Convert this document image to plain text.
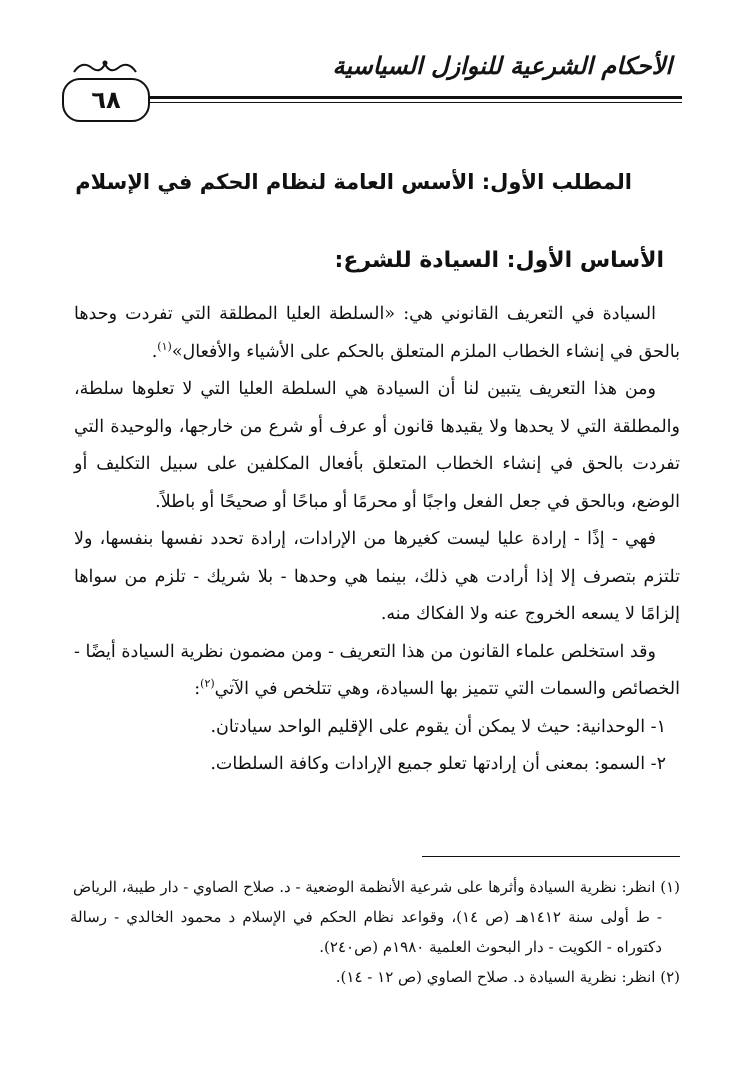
الأحكام الشرعية للنوازل السياسية
٦٨
المطلب الأول: الأسس العامة لنظام الحكم في الإسلام
الأساس الأول: السيادة للشرع:

السيادة في التعريف القانوني هي: «السلطة العليا المطلقة التي تفردت وحدها بالحق في إنشاء الخطاب الملزم المتعلق بالحكم على الأشياء والأفعال»$^{(١)}$.

ومن هذا التعريف يتبين لنا أن السيادة هي السلطة العليا التي لا تعلوها سلطة، والمطلقة التي لا يحدها ولا يقيدها قانون أو عرف أو شرع من خارجها، والوحيدة التي تفردت بالحق في إنشاء الخطاب المتعلق بأفعال المكلفين على سبيل التكليف أو الوضع، وبالحق في جعل الفعل واجبًا أو محرمًا أو مباحًا أو صحيحًا أو باطلاً.

فهي - إذًا - إرادة عليا ليست كغيرها من الإرادات، إرادة تحدد نفسها بنفسها، ولا تلتزم بتصرف إلا إذا أرادت هي ذلك، بينما هي وحدها - بلا شريك - تلزم من سواها إلزامًا لا يسعه الخروج عنه ولا الفكاك منه.

وقد استخلص علماء القانون من هذا التعريف - ومن مضمون نظرية السيادة أيضًا - الخصائص والسمات التي تتميز بها السيادة، وهي تتلخص في الآتي$^{(٢)}$:

١- الوحدانية: حيث لا يمكن أن يقوم على الإقليم الواحد سيادتان.

٢- السمو: بمعنى أن إرادتها تعلو جميع الإرادات وكافة السلطات.

(١) انظر: نظرية السيادة وأثرها على شرعية الأنظمة الوضعية - د. صلاح الصاوي - دار طيبة، الرياض

- ط أولى سنة ١٤١٢هـ (ص ١٤)، وقواعد نظام الحكم في الإسلام د محمود الخالدي - رسالة دكتوراه - الكويت - دار البحوث العلمية ١٩٨٠م (ص٢٤٠).

(٢) انظر: نظرية السيادة د. صلاح الصاوي (ص ١٢ - ١٤).
